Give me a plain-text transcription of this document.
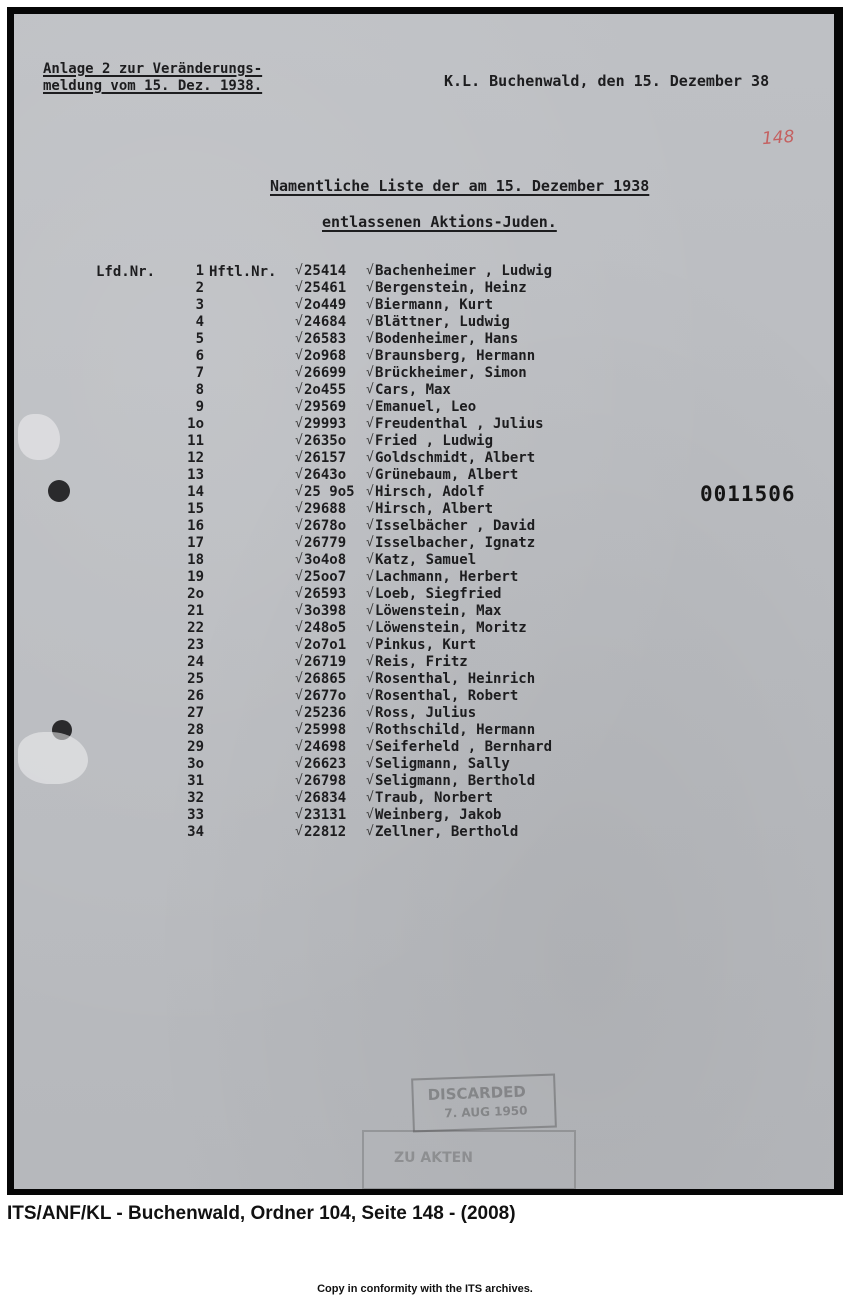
Anlage 2 zur Veränderungs-
meldung vom 15. Dez. 1938.	K.L. Buchenwald, den 15. Dezember 38
148
Namentliche Liste der am 15. Dezember 1938
entlassenen Aktions-Juden.
Lfd.Nr.	Hftl.Nr.
0011506
1	√ 25414 √ Bachenheimer , Ludwig
2	√ 25461 √ Bergenstein, Heinz
3	√ 2o449 √ Biermann, Kurt
4	√ 24684 √ Blättner, Ludwig
5	√ 26583 √ Bodenheimer, Hans
6	√ 2o968 √ Braunsberg, Hermann
7	√ 26699 √ Brückheimer, Simon
8	√ 2o455 √ Cars, Max
9	√ 29569 √ Emanuel, Leo
1o	√ 29993 √ Freudenthal , Julius
11	√ 2635o √ Fried , Ludwig
12	√ 26157 √ Goldschmidt, Albert
13	√ 2643o √ Grünebaum, Albert
14	√ 25 9o5 √ Hirsch, Adolf
15	√ 29688 √ Hirsch, Albert
16	√ 2678o √ Isselbächer , David
17	√ 26779 √ Isselbacher, Ignatz
18	√ 3o4o8 √ Katz, Samuel
19	√ 25oo7 √ Lachmann, Herbert
2o	√ 26593 √ Loeb, Siegfried
21	√ 3o398 √ Löwenstein, Max
22	√ 248o5 √ Löwenstein, Moritz
23	√ 2o7o1 √ Pinkus, Kurt
24	√ 26719 √ Reis, Fritz
25	√ 26865 √ Rosenthal, Heinrich
26	√ 2677o √ Rosenthal, Robert
27	√ 25236 √ Ross, Julius
28	√ 25998 √ Rothschild, Hermann
29	√ 24698 √ Seiferheld , Bernhard
3o	√ 26623 √ Seligmann, Sally
31	√ 26798 √ Seligmann, Berthold
32	√ 26834 √ Traub, Norbert
33	√ 23131 √ Weinberg, Jakob
34	√ 22812 √ Zellner, Berthold
DISCARDED
7. AUG 1950
ZU AKTEN
ITS/ANF/KL - Buchenwald, Ordner 104, Seite 148 - (2008)
Copy in conformity with the ITS archives.
